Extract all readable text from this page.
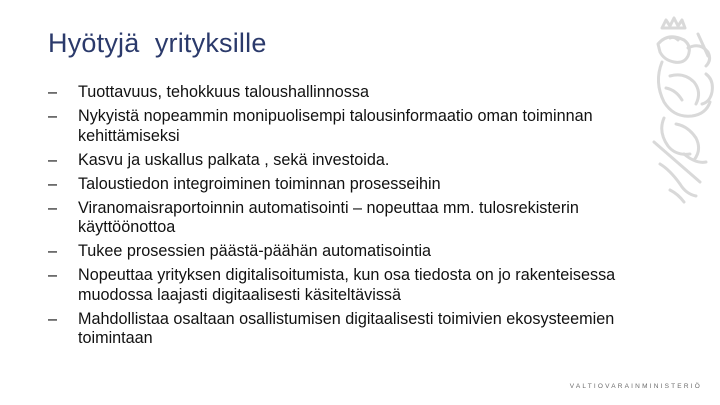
Hyötyjä  yrityksille
–	Tuottavuus, tehokkuus taloushallinnossa
–	Nykyistä nopeammin monipuolisempi talousinformaatio oman toiminnan kehittämiseksi
–	Kasvu ja uskallus palkata , sekä investoida.
–	Taloustiedon integroiminen toiminnan prosesseihin
–	Viranomaisraportoinnin automatisointi – nopeuttaa mm. tulosrekisterin käyttöönottoa
–	Tukee prosessien päästä-päähän automatisointia
–	Nopeuttaa yrityksen digitalisoitumista, kun osa tiedosta on jo rakenteisessa muodossa laajasti digitaalisesti käsiteltävissä
–	Mahdollistaa osaltaan osallistumisen digitaalisesti toimivien ekosysteemien toimintaan
VALTIOVARAINMINISTERIÖ
